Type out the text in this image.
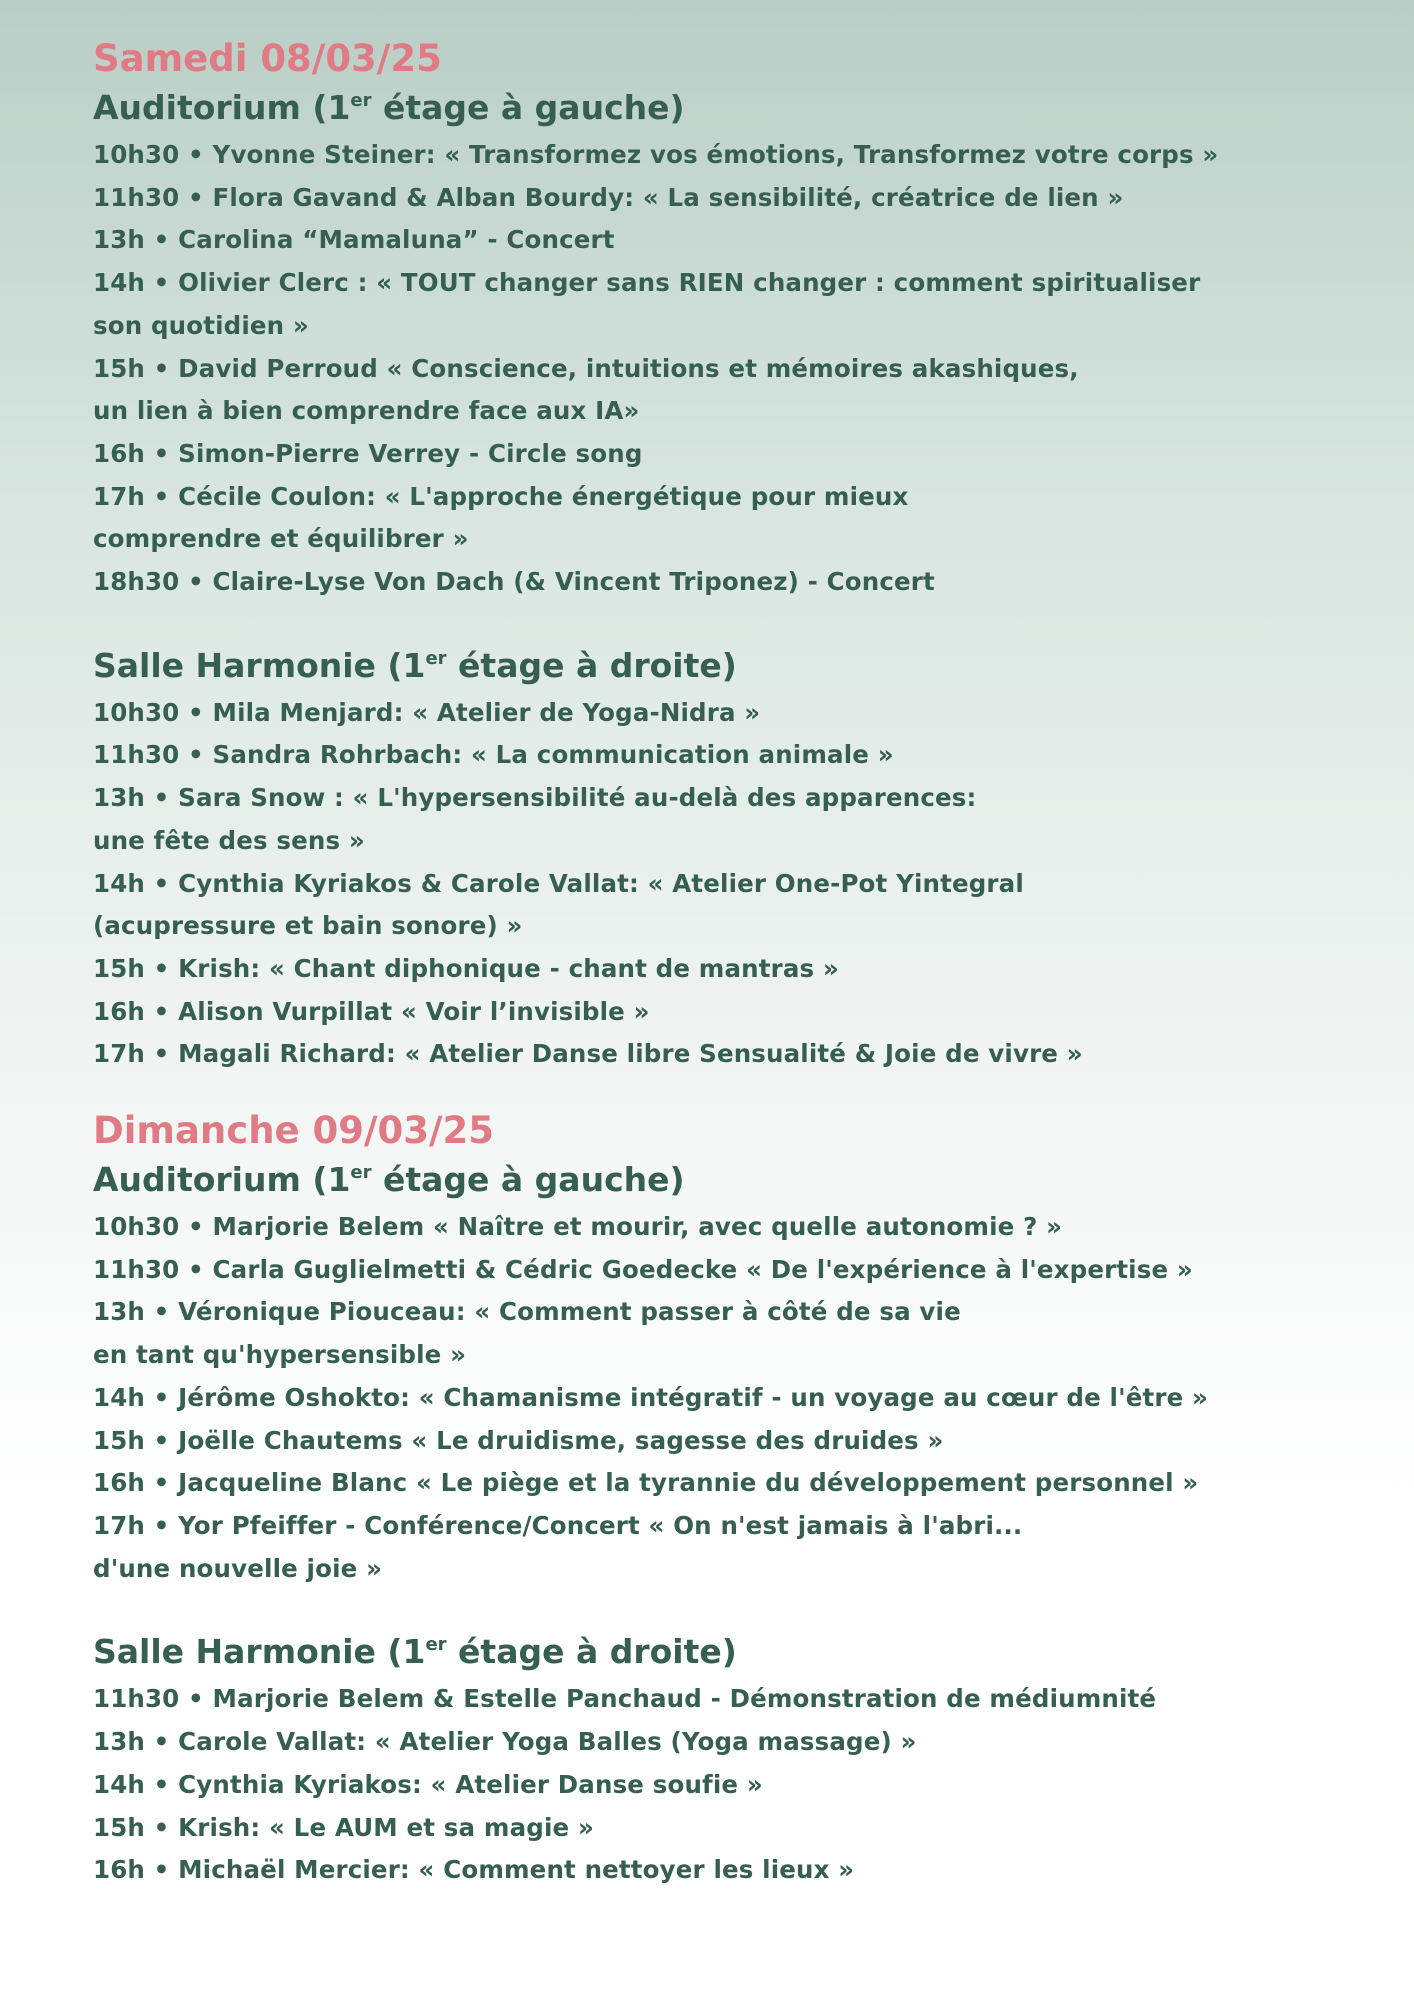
Samedi 08/03/25
Auditorium (1er étage à gauche)
10h30 • Yvonne Steiner: « Transformez vos émotions, Transformez votre corps »
11h30 • Flora Gavand & Alban Bourdy: « La sensibilité, créatrice de lien »
13h • Carolina “Mamaluna” - Concert
14h • Olivier Clerc : « TOUT changer sans RIEN changer : comment spiritualiser
son quotidien »
15h • David Perroud « Conscience, intuitions et mémoires akashiques,
un lien à bien comprendre face aux IA»
16h • Simon-Pierre Verrey - Circle song
17h • Cécile Coulon: « L'approche énergétique pour mieux
comprendre et équilibrer »
18h30 • Claire-Lyse Von Dach (& Vincent Triponez) - Concert
Salle Harmonie (1er étage à droite)
10h30 • Mila Menjard: « Atelier de Yoga-Nidra »
11h30 • Sandra Rohrbach: « La communication animale »
13h • Sara Snow : « L'hypersensibilité au-delà des apparences:
une fête des sens »
14h • Cynthia Kyriakos & Carole Vallat: « Atelier One-Pot Yintegral
(acupressure et bain sonore) »
15h • Krish: « Chant diphonique - chant de mantras »
16h • Alison Vurpillat « Voir l’invisible »
17h • Magali Richard: « Atelier Danse libre Sensualité & Joie de vivre »
Dimanche 09/03/25
Auditorium (1er étage à gauche)
10h30 • Marjorie Belem « Naître et mourir, avec quelle autonomie ? »
11h30 • Carla Guglielmetti & Cédric Goedecke « De l'expérience à l'expertise »
13h • Véronique Piouceau: « Comment passer à côté de sa vie
en tant qu'hypersensible »
14h • Jérôme Oshokto: « Chamanisme intégratif - un voyage au cœur de l'être »
15h • Joëlle Chautems « Le druidisme, sagesse des druides »
16h • Jacqueline Blanc « Le piège et la tyrannie du développement personnel »
17h • Yor Pfeiffer - Conférence/Concert « On n'est jamais à l'abri...
d'une nouvelle joie »
Salle Harmonie (1er étage à droite)
11h30 • Marjorie Belem & Estelle Panchaud - Démonstration de médiumnité
13h • Carole Vallat: « Atelier Yoga Balles (Yoga massage) »
14h • Cynthia Kyriakos: « Atelier Danse soufie »
15h • Krish: « Le AUM et sa magie »
16h • Michaël Mercier: « Comment nettoyer les lieux »
